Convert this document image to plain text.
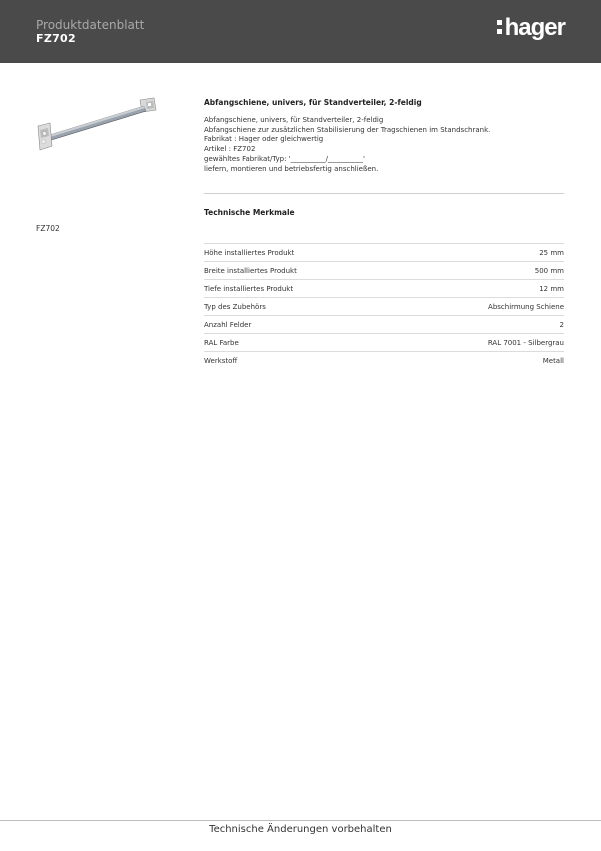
Produktdatenblatt
FZ702	hager
FZ702
Abfangschiene, univers, für Standverteiler, 2-feldig
Abfangschiene, univers, für Standverteiler, 2-feldig
Abfangschiene zur zusätzlichen Stabilisierung der Tragschienen im Standschrank.
Fabrikat : Hager oder gleichwertig
Artikel : FZ702
gewähltes Fabrikat/Typ: '__________/__________'
liefern, montieren und betriebsfertig anschließen.
Technische Merkmale
Höhe installiertes Produkt	25 mm
Breite installiertes Produkt	500 mm
Tiefe installiertes Produkt	12 mm
Typ des Zubehörs	Abschirmung Schiene
Anzahl Felder	2
RAL Farbe	RAL 7001 - Silbergrau
Werkstoff	Metall
Technische Änderungen vorbehalten
